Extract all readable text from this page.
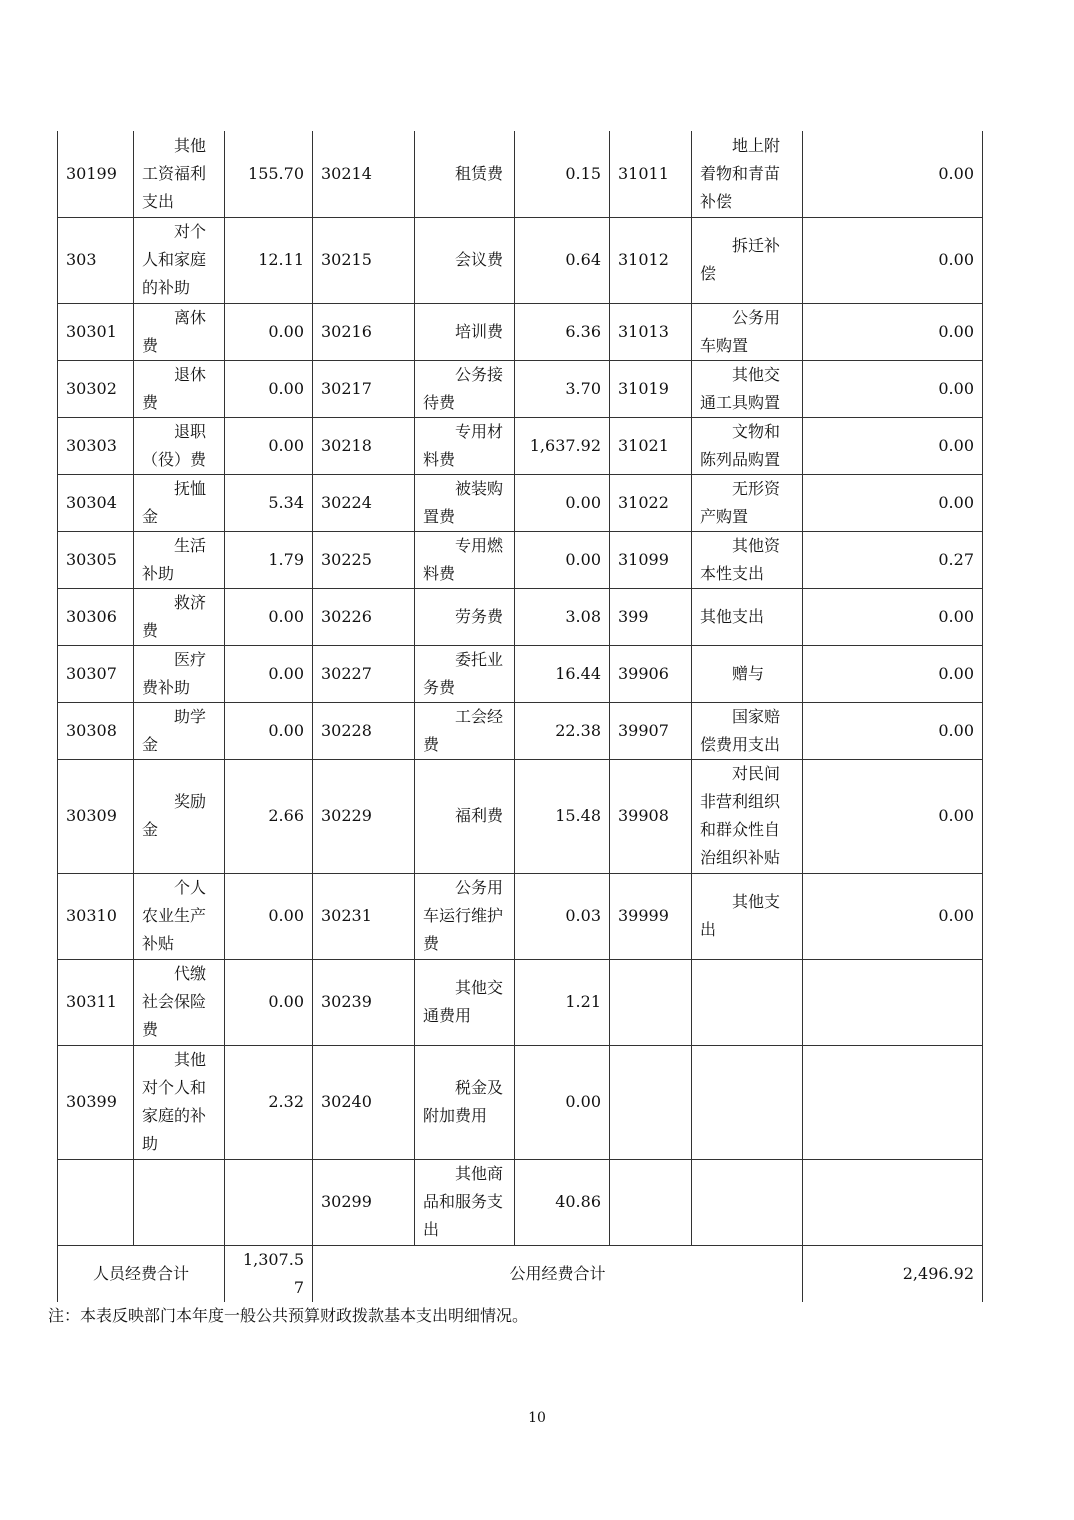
30199	其他工资福利支出	155.70	30214	租赁费	0.15	31011	地上附着物和青苗补偿	0.00
303	对个人和家庭的补助	12.11	30215	会议费	0.64	31012	拆迁补偿	0.00
30301	离休费	0.00	30216	培训费	6.36	31013	公务用车购置	0.00
30302	退休费	0.00	30217	公务接待费	3.70	31019	其他交通工具购置	0.00
30303	退职（役）费	0.00	30218	专用材料费	1,637.92	31021	文物和陈列品购置	0.00
30304	抚恤金	5.34	30224	被装购置费	0.00	31022	无形资产购置	0.00
30305	生活补助	1.79	30225	专用燃料费	0.00	31099	其他资本性支出	0.27
30306	救济费	0.00	30226	劳务费	3.08	399	其他支出	0.00
30307	医疗费补助	0.00	30227	委托业务费	16.44	39906	赠与	0.00
30308	助学金	0.00	30228	工会经费	22.38	39907	国家赔偿费用支出	0.00
30309	奖励金	2.66	30229	福利费	15.48	39908	对民间非营利组织和群众性自治组织补贴	0.00
30310	个人农业生产补贴	0.00	30231	公务用车运行维护费	0.03	39999	其他支出	0.00
30311	代缴社会保险费	0.00	30239	其他交通费用	1.21		

30399	其他对个人和家庭的补助	2.32	30240	税金及附加费用	0.00		

		30299	其他商品和服务支出	40.86		

人员经费合计		1,307.57	公用经费合计					2,496.92
注：本表反映部门本年度一般公共预算财政拨款基本支出明细情况。
10
